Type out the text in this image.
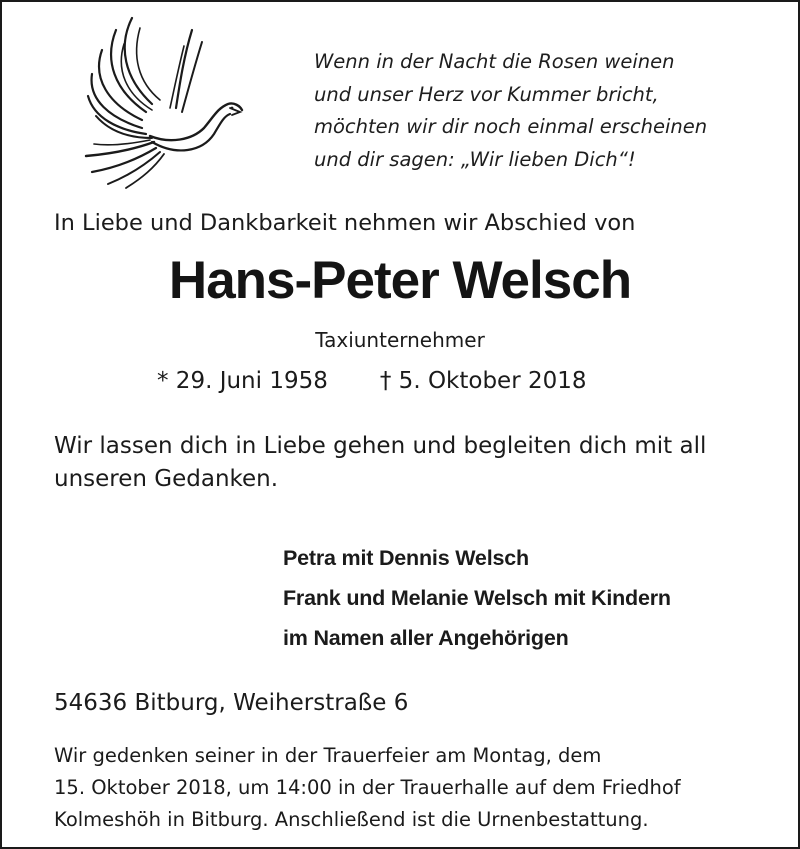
Wenn in der Nacht die Rosen weinen
und unser Herz vor Kummer bricht,
möchten wir dir noch einmal erscheinen
und dir sagen: „Wir lieben Dich“!
In Liebe und Dankbarkeit nehmen wir Abschied von
Hans-Peter Welsch
Taxiunternehmer
* 29. Juni 1958 † 5. Oktober 2018
Wir lassen dich in Liebe gehen und begleiten dich mit all unseren Gedanken.
Petra mit Dennis Welsch
Frank und Melanie Welsch mit Kindern
im Namen aller Angehörigen
54636 Bitburg, Weiherstraße 6
Wir gedenken seiner in der Trauerfeier am Montag, dem
15. Oktober 2018, um 14:00 in der Trauerhalle auf dem Friedhof
Kolmeshöh in Bitburg. Anschließend ist die Urnenbestattung.
